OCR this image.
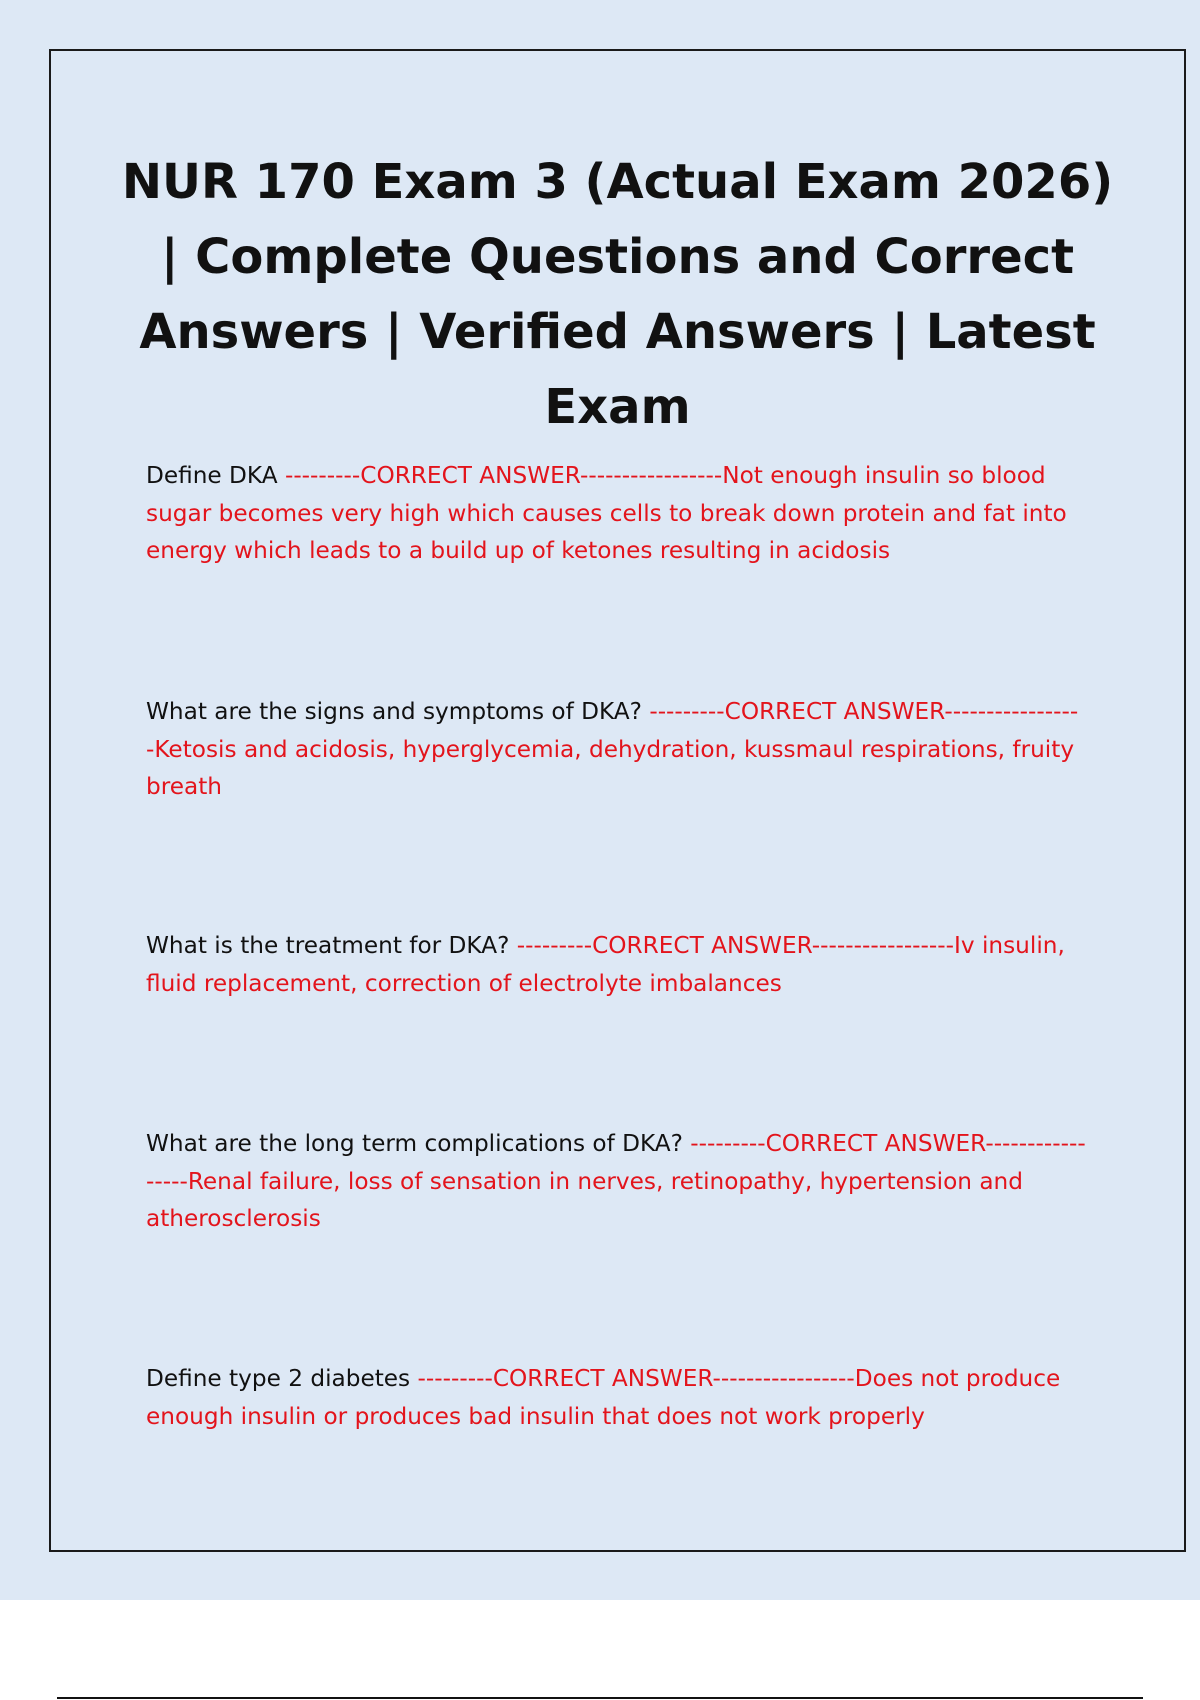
NUR 170 Exam 3 (Actual Exam 2026) | Complete Questions and Correct Answers | Verified Answers | Latest Exam

Define DKA ---------CORRECT ANSWER-----------------Not enough insulin so blood sugar becomes very high which causes cells to break down protein and fat into energy which leads to a build up of ketones resulting in acidosis

What are the signs and symptoms of DKA? ---------CORRECT ANSWER-----------------Ketosis and acidosis, hyperglycemia, dehydration, kussmaul respirations, fruity breath

What is the treatment for DKA? ---------CORRECT ANSWER-----------------Iv insulin, fluid replacement, correction of electrolyte imbalances

What are the long term complications of DKA? ---------CORRECT ANSWER-----------------Renal failure, loss of sensation in nerves, retinopathy, hypertension and atherosclerosis

Define type 2 diabetes ---------CORRECT ANSWER-----------------Does not produce enough insulin or produces bad insulin that does not work properly
